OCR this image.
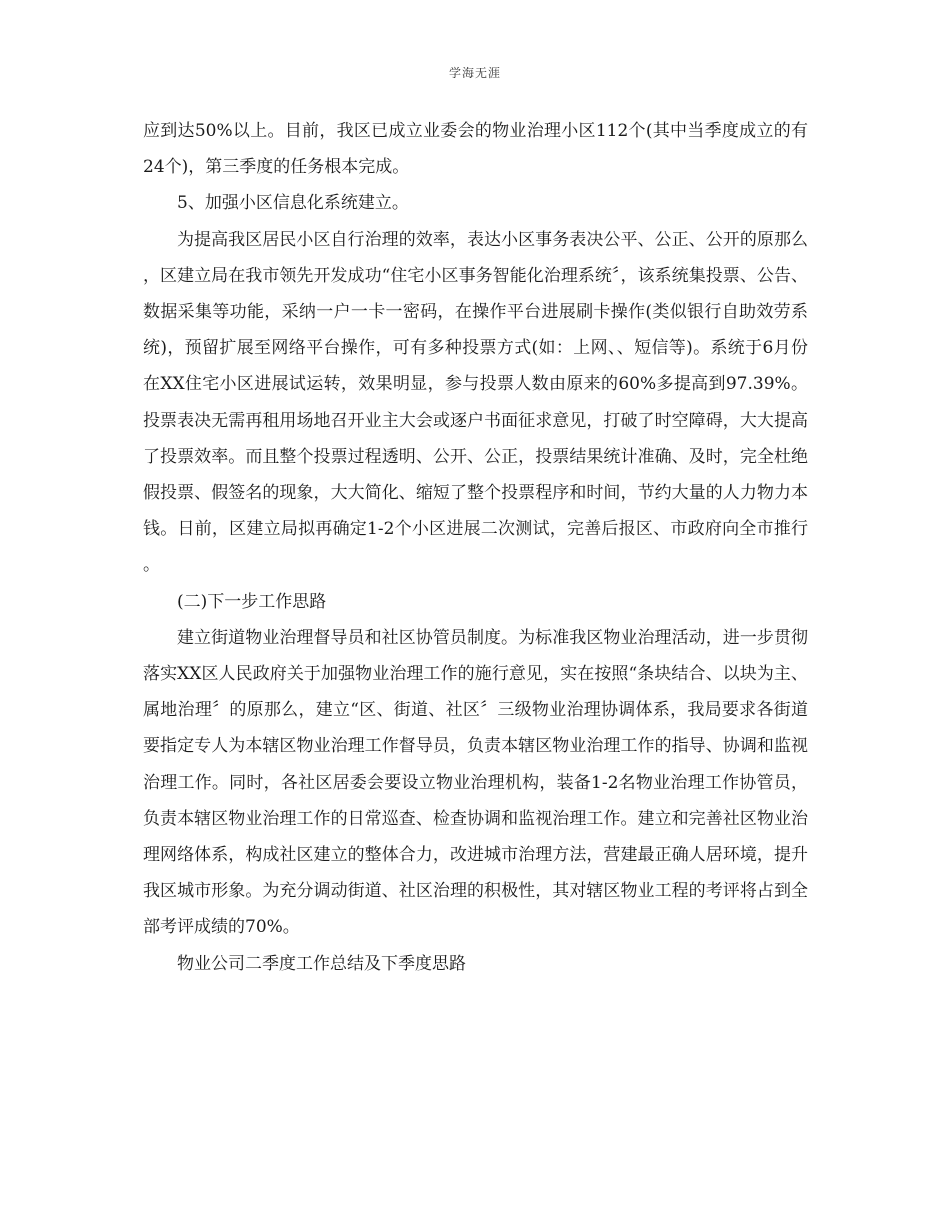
学海无涯

应到达50%以上。目前，我区已成立业委会的物业治理小区112个(其中当季度成立的有24个)，第三季度的任务根本完成。

5、加强小区信息化系统建立。

为提高我区居民小区自行治理的效率，表达小区事务表决公平、公正、公开的原那么，区建立局在我市领先开发成功“住宅小区事务智能化治理系统〞，该系统集投票、公告、数据采集等功能，采纳一户一卡一密码，在操作平台进展刷卡操作(类似银行自助效劳系统)，预留扩展至网络平台操作，可有多种投票方式(如：上网、、短信等)。系统于6月份在XX住宅小区进展试运转，效果明显，参与投票人数由原来的60%多提高到97.39%。投票表决无需再租用场地召开业主大会或逐户书面征求意见，打破了时空障碍，大大提高了投票效率。而且整个投票过程透明、公开、公正，投票结果统计准确、及时，完全杜绝假投票、假签名的现象，大大简化、缩短了整个投票程序和时间，节约大量的人力物力本钱。日前，区建立局拟再确定1-2个小区进展二次测试，完善后报区、市政府向全市推行。

(二)下一步工作思路

建立街道物业治理督导员和社区协管员制度。为标准我区物业治理活动，进一步贯彻落实XX区人民政府关于加强物业治理工作的施行意见，实在按照“条块结合、以块为主、属地治理〞的原那么，建立“区、街道、社区〞三级物业治理协调体系，我局要求各街道要指定专人为本辖区物业治理工作督导员，负责本辖区物业治理工作的指导、协调和监视治理工作。同时，各社区居委会要设立物业治理机构，装备1-2名物业治理工作协管员，负责本辖区物业治理工作的日常巡查、检查协调和监视治理工作。建立和完善社区物业治理网络体系，构成社区建立的整体合力，改进城市治理方法，营建最正确人居环境，提升我区城市形象。为充分调动街道、社区治理的积极性，其对辖区物业工程的考评将占到全部考评成绩的70%。

物业公司二季度工作总结及下季度思路
